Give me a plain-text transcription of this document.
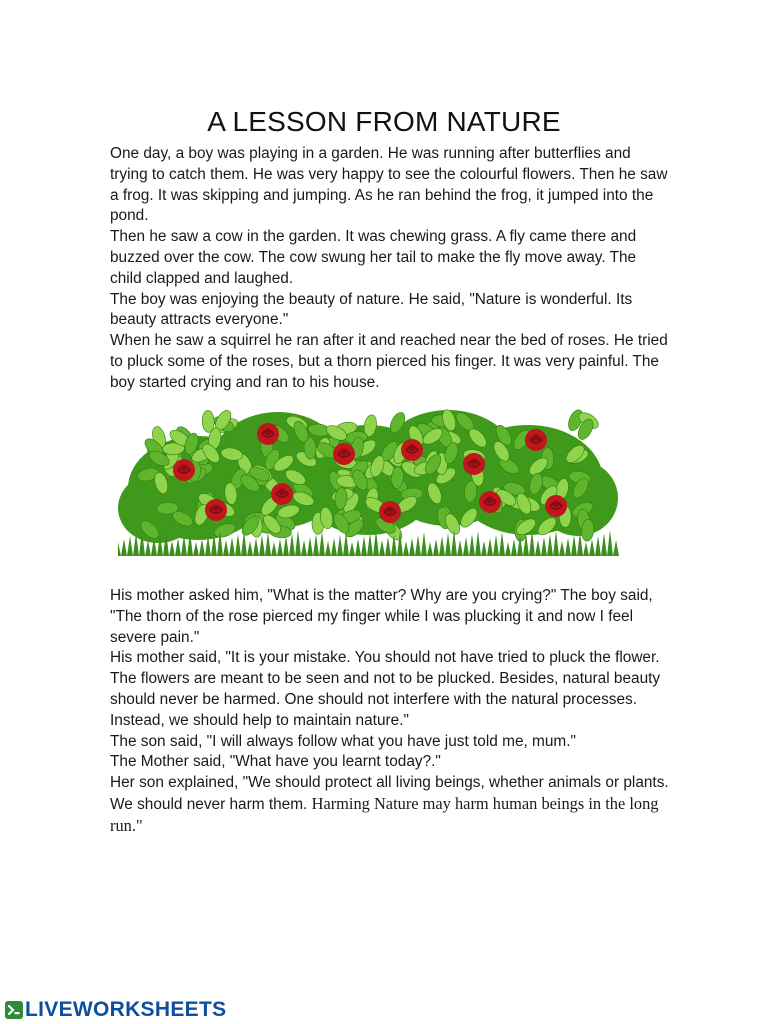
A LESSON FROM NATURE

One day, a boy was playing in a garden. He was running after butterflies and trying to catch them. He was very happy to see the colourful flowers. Then he saw a frog. It was skipping and jumping. As he ran behind the frog, it jumped into the pond.

Then he saw a cow in the garden. It was chewing grass. A fly came there and buzzed over the cow. The cow swung her tail to make the fly move away. The child clapped and laughed.

The boy was enjoying the beauty of nature. He said, "Nature is wonderful. Its beauty attracts everyone."

When he saw a squirrel he ran after it and reached near the bed of roses. He tried to pluck some of the roses, but a thorn pierced his finger. It was very painful. The boy started crying and ran to his house.

His mother asked him, "What is the matter? Why are you crying?" The boy said, "The thorn of the rose pierced my finger while I was plucking it and now I feel severe pain."

His mother said, "It is your mistake. You should not have tried to pluck the flower. The flowers are meant to be seen and not to be plucked. Besides, natural beauty should never be harmed. One should not interfere with the natural processes. Instead, we should help to maintain nature."

The son said, "I will always follow what you have just told me, mum."

The Mother said, "What have you learnt today?."

Her son explained, "We should protect all living beings, whether animals or plants. We should never harm them. Harming Nature may harm human beings in the long run."

LIVEWORKSHEETS
